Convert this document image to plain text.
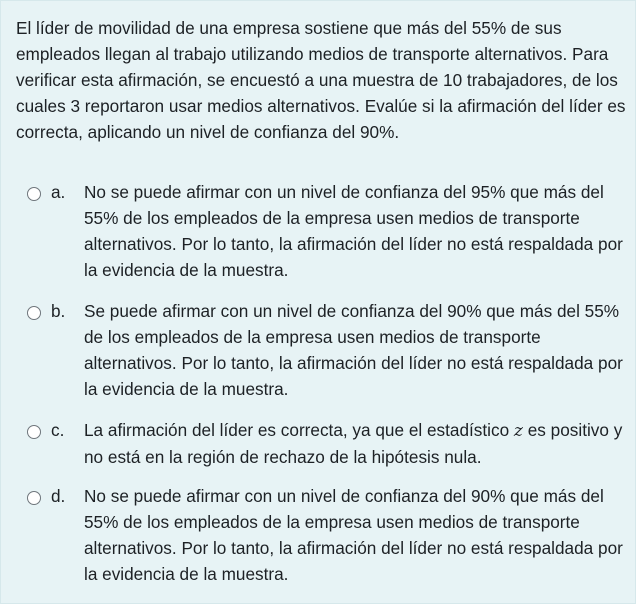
El líder de movilidad de una empresa sostiene que más del 55% de sus empleados llegan al trabajo utilizando medios de transporte alternativos. Para verificar esta afirmación, se encuestó a una muestra de 10 trabajadores, de los cuales 3 reportaron usar medios alternativos. Evalúe si la afirmación del líder es correcta, aplicando un nivel de confianza del 90%.

a. No se puede afirmar con un nivel de confianza del 95% que más del 55% de los empleados de la empresa usen medios de transporte alternativos. Por lo tanto, la afirmación del líder no está respaldada por la evidencia de la muestra.
b. Se puede afirmar con un nivel de confianza del 90% que más del 55% de los empleados de la empresa usen medios de transporte alternativos. Por lo tanto, la afirmación del líder no está respaldada por la evidencia de la muestra.
c. La afirmación del líder es correcta, ya que el estadístico z es positivo y no está en la región de rechazo de la hipótesis nula.
d. No se puede afirmar con un nivel de confianza del 90% que más del 55% de los empleados de la empresa usen medios de transporte alternativos. Por lo tanto, la afirmación del líder no está respaldada por la evidencia de la muestra.
